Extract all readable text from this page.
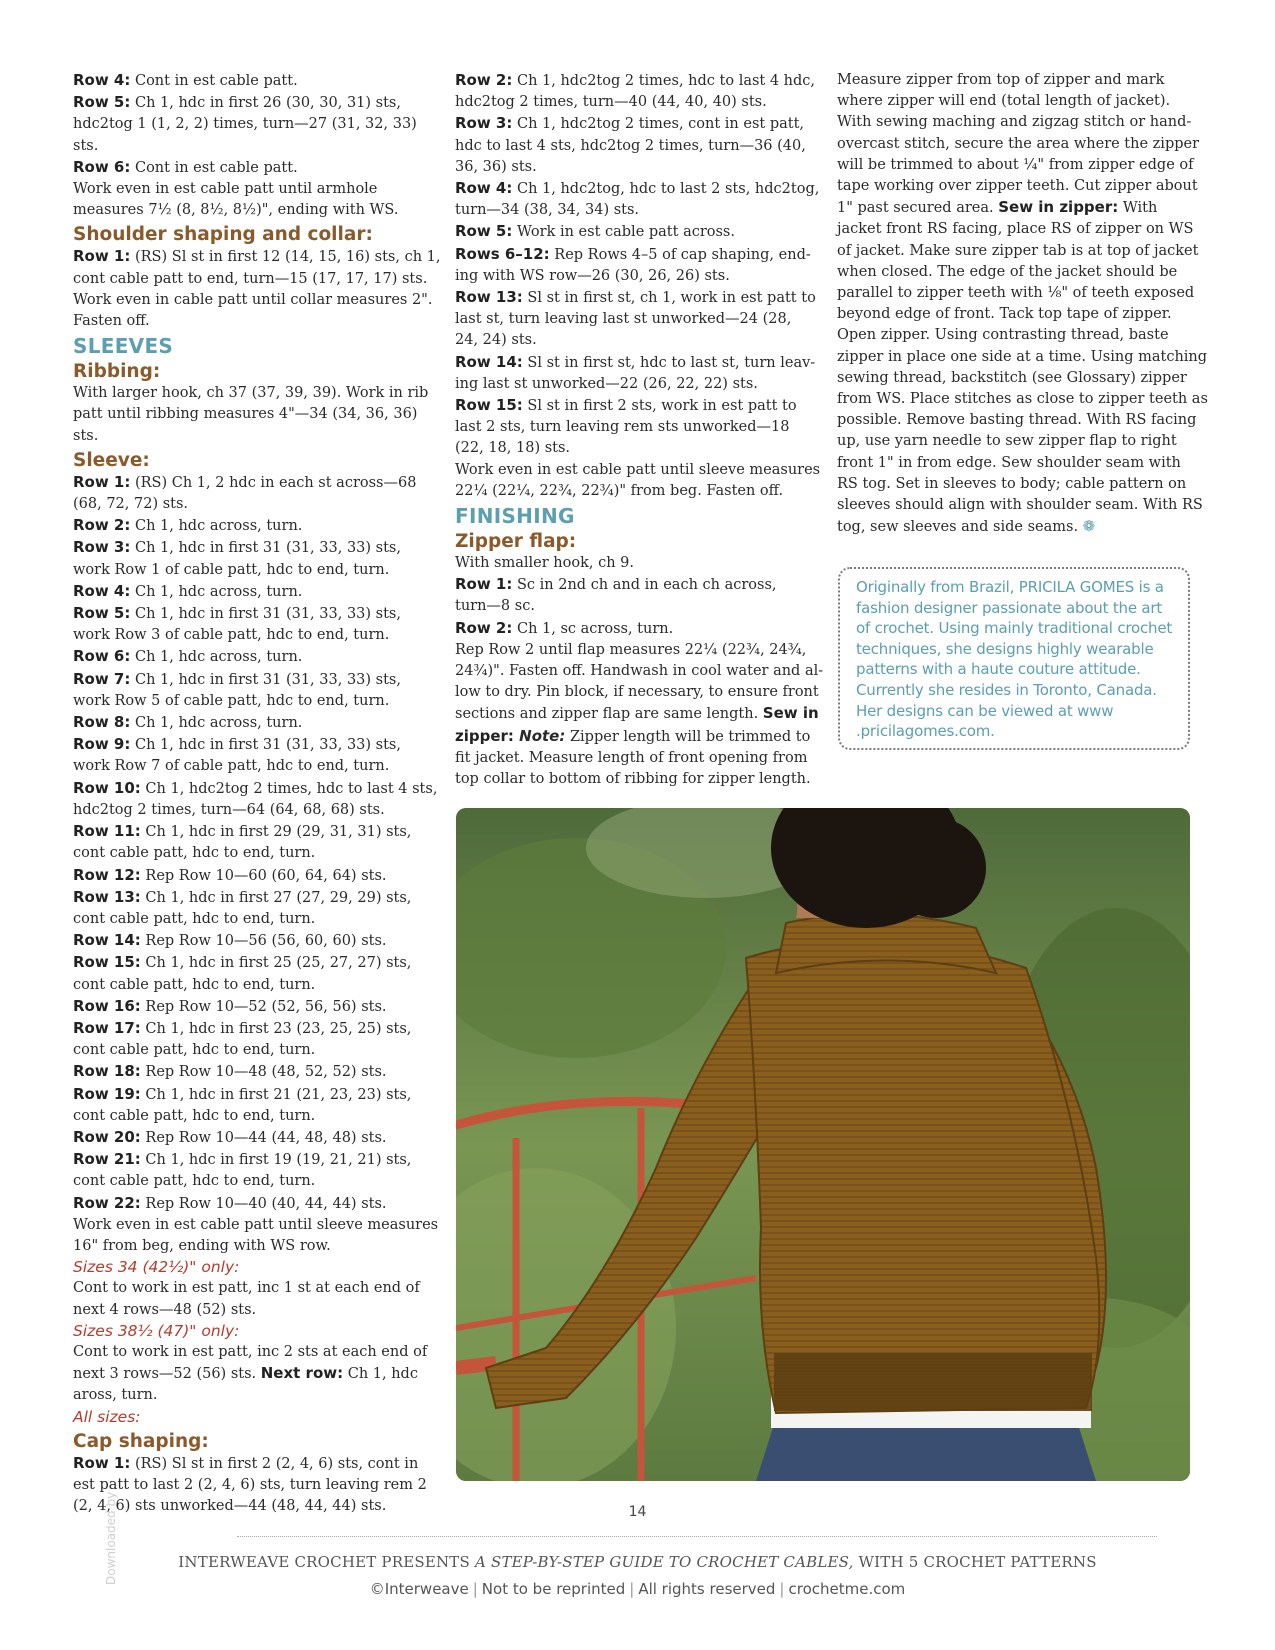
Row 4: Cont in est cable patt.
Row 5: Ch 1, hdc in first 26 (30, 30, 31) sts,
hdc2tog 1 (1, 2, 2) times, turn—27 (31, 32, 33)
sts.
Row 6: Cont in est cable patt.
Work even in est cable patt until armhole
measures 7½ (8, 8½, 8½)", ending with WS.
Shoulder shaping and collar:
Row 1: (RS) Sl st in first 12 (14, 15, 16) sts, ch 1,
cont cable patt to end, turn—15 (17, 17, 17) sts.
Work even in cable patt until collar measures 2".
Fasten off.
SLEEVES
Ribbing:
With larger hook, ch 37 (37, 39, 39). Work in rib
patt until ribbing measures 4"—34 (34, 36, 36)
sts.
Sleeve:
Row 1: (RS) Ch 1, 2 hdc in each st across—68
(68, 72, 72) sts.
Row 2: Ch 1, hdc across, turn.
Row 3: Ch 1, hdc in first 31 (31, 33, 33) sts,
work Row 1 of cable patt, hdc to end, turn.
Row 4: Ch 1, hdc across, turn.
Row 5: Ch 1, hdc in first 31 (31, 33, 33) sts,
work Row 3 of cable patt, hdc to end, turn.
Row 6: Ch 1, hdc across, turn.
Row 7: Ch 1, hdc in first 31 (31, 33, 33) sts,
work Row 5 of cable patt, hdc to end, turn.
Row 8: Ch 1, hdc across, turn.
Row 9: Ch 1, hdc in first 31 (31, 33, 33) sts,
work Row 7 of cable patt, hdc to end, turn.
Row 10: Ch 1, hdc2tog 2 times, hdc to last 4 sts,
hdc2tog 2 times, turn—64 (64, 68, 68) sts.
Row 11: Ch 1, hdc in first 29 (29, 31, 31) sts,
cont cable patt, hdc to end, turn.
Row 12: Rep Row 10—60 (60, 64, 64) sts.
Row 13: Ch 1, hdc in first 27 (27, 29, 29) sts,
cont cable patt, hdc to end, turn.
Row 14: Rep Row 10—56 (56, 60, 60) sts.
Row 15: Ch 1, hdc in first 25 (25, 27, 27) sts,
cont cable patt, hdc to end, turn.
Row 16: Rep Row 10—52 (52, 56, 56) sts.
Row 17: Ch 1, hdc in first 23 (23, 25, 25) sts,
cont cable patt, hdc to end, turn.
Row 18: Rep Row 10—48 (48, 52, 52) sts.
Row 19: Ch 1, hdc in first 21 (21, 23, 23) sts,
cont cable patt, hdc to end, turn.
Row 20: Rep Row 10—44 (44, 48, 48) sts.
Row 21: Ch 1, hdc in first 19 (19, 21, 21) sts,
cont cable patt, hdc to end, turn.
Row 22: Rep Row 10—40 (40, 44, 44) sts.
Work even in est cable patt until sleeve measures
16" from beg, ending with WS row.
Sizes 34 (42½)" only:
Cont to work in est patt, inc 1 st at each end of
next 4 rows—48 (52) sts.
Sizes 38½ (47)" only:
Cont to work in est patt, inc 2 sts at each end of
next 3 rows—52 (56) sts. Next row: Ch 1, hdc
aross, turn.
All sizes:
Cap shaping:
Row 1: (RS) Sl st in first 2 (2, 4, 6) sts, cont in
est patt to last 2 (2, 4, 6) sts, turn leaving rem 2
(2, 4, 6) sts unworked—44 (48, 44, 44) sts.
Row 2: Ch 1, hdc2tog 2 times, hdc to last 4 hdc,
hdc2tog 2 times, turn—40 (44, 40, 40) sts.
Row 3: Ch 1, hdc2tog 2 times, cont in est patt,
hdc to last 4 sts, hdc2tog 2 times, turn—36 (40,
36, 36) sts.
Row 4: Ch 1, hdc2tog, hdc to last 2 sts, hdc2tog,
turn—34 (38, 34, 34) sts.
Row 5: Work in est cable patt across.
Rows 6–12: Rep Rows 4–5 of cap shaping, end-
ing with WS row—26 (30, 26, 26) sts.
Row 13: Sl st in first st, ch 1, work in est patt to
last st, turn leaving last st unworked—24 (28,
24, 24) sts.
Row 14: Sl st in first st, hdc to last st, turn leav-
ing last st unworked—22 (26, 22, 22) sts.
Row 15: Sl st in first 2 sts, work in est patt to
last 2 sts, turn leaving rem sts unworked—18
(22, 18, 18) sts.
Work even in est cable patt until sleeve measures
22¼ (22¼, 22¾, 22¾)" from beg. Fasten off.
FINISHING
Zipper flap:
With smaller hook, ch 9.
Row 1: Sc in 2nd ch and in each ch across,
turn—8 sc.
Row 2: Ch 1, sc across, turn.
Rep Row 2 until flap measures 22¼ (22¾, 24¾,
24¾)". Fasten off. Handwash in cool water and al-
low to dry. Pin block, if necessary, to ensure front
sections and zipper flap are same length. Sew in
zipper: Note: Zipper length will be trimmed to
fit jacket. Measure length of front opening from
top collar to bottom of ribbing for zipper length.
Measure zipper from top of zipper and mark
where zipper will end (total length of jacket).
With sewing maching and zigzag stitch or hand-
overcast stitch, secure the area where the zipper
will be trimmed to about ¼" from zipper edge of
tape working over zipper teeth. Cut zipper about
1" past secured area. Sew in zipper: With
jacket front RS facing, place RS of zipper on WS
of jacket. Make sure zipper tab is at top of jacket
when closed. The edge of the jacket should be
parallel to zipper teeth with ⅛" of teeth exposed
beyond edge of front. Tack top tape of zipper.
Open zipper. Using contrasting thread, baste
zipper in place one side at a time. Using matching
sewing thread, backstitch (see Glossary) zipper
from WS. Place stitches as close to zipper teeth as
possible. Remove basting thread. With RS facing
up, use yarn needle to sew zipper flap to right
front 1" in from edge. Sew shoulder seam with
RS tog. Set in sleeves to body; cable pattern on
sleeves should align with shoulder seam. With RS
tog, sew sleeves and side seams. ❁
Originally from Brazil, PRICILA GOMES is a
fashion designer passionate about the art
of crochet. Using mainly traditional crochet
techniques, she designs highly wearable
patterns with a haute couture attitude.
Currently she resides in Toronto, Canada.
Her designs can be viewed at www
.pricilagomes.com.
14
INTERWEAVE CROCHET PRESENTS A STEP-BY-STEP GUIDE TO CROCHET CABLES, WITH 5 CROCHET PATTERNS
©Interweave | Not to be reprinted | All rights reserved | crochetme.com
Downloaded by
